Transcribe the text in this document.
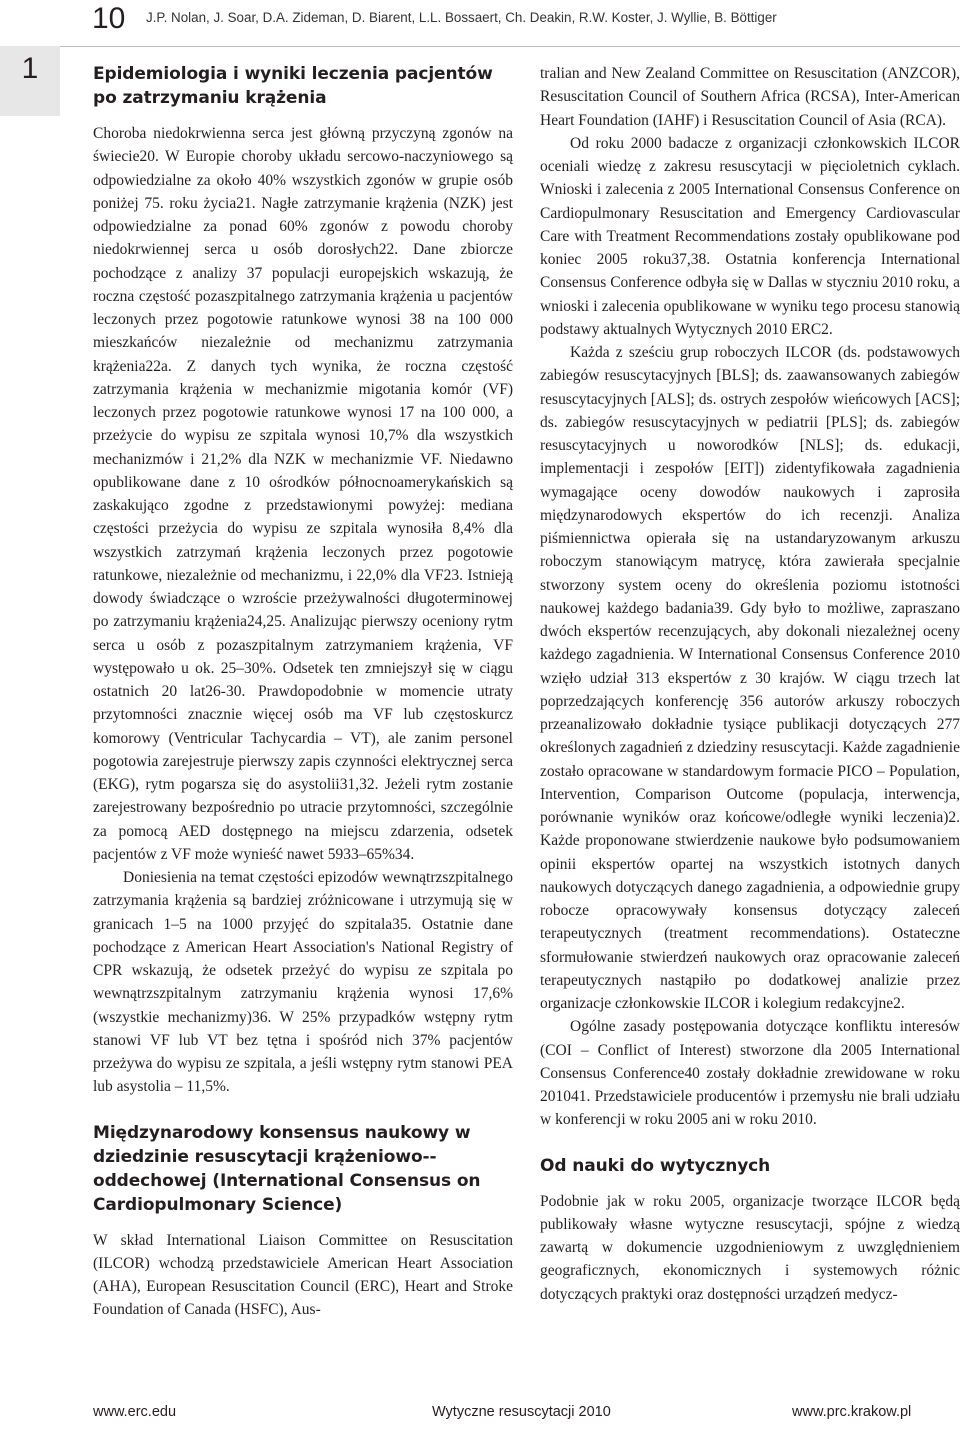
10 J.P. Nolan, J. Soar, D.A. Zideman, D. Biarent, L.L. Bossaert, Ch. Deakin, R.W. Koster, J. Wyllie, B. Böttiger
1	Epidemiologia i wyniki leczenia pacjentów po zatrzymaniu krążenia

Choroba niedokrwienna serca jest główną przyczyną zgonów na świecie20. W Europie choroby układu sercowo-naczyniowego są odpowiedzialne za około 40% wszystkich zgonów w grupie osób poniżej 75. roku życia21. Nagłe zatrzymanie krążenia (NZK) jest odpowiedzialne za ponad 60% zgonów z powodu choroby niedokrwiennej serca u osób dorosłych22. Dane zbiorcze pochodzące z analizy 37 populacji europejskich wskazują, że roczna częstość pozaszpitalnego zatrzymania krążenia u pacjentów leczonych przez pogotowie ratunkowe wynosi 38 na 100 000 mieszkańców niezależnie od mechanizmu zatrzymania krążenia22a. Z danych tych wynika, że roczna częstość zatrzymania krążenia w mechanizmie migotania komór (VF) leczonych przez pogotowie ratunkowe wynosi 17 na 100 000, a przeżycie do wypisu ze szpitala wynosi 10,7% dla wszystkich mechanizmów i 21,2% dla NZK w mechanizmie VF. Niedawno opublikowane dane z 10 ośrodków północnoamerykańskich są zaskakująco zgodne z przedstawionymi powyżej: mediana częstości przeżycia do wypisu ze szpitala wynosiła 8,4% dla wszystkich zatrzymań krążenia leczonych przez pogotowie ratunkowe, niezależnie od mechanizmu, i 22,0% dla VF23. Istnieją dowody świadczące o wzroście przeżywalności długoterminowej po zatrzymaniu krążenia24,25. Analizując pierwszy oceniony rytm serca u osób z pozaszpitalnym zatrzymaniem krążenia, VF występowało u ok. 25–30%. Odsetek ten zmniejszył się w ciągu ostatnich 20 lat26-30. Prawdopodobnie w momencie utraty przytomności znacznie więcej osób ma VF lub częstoskurcz komorowy (Ventricular Tachycardia – VT), ale zanim personel pogotowia zarejestruje pierwszy zapis czynności elektrycznej serca (EKG), rytm pogarsza się do asystolii31,32. Jeżeli rytm zostanie zarejestrowany bezpośrednio po utracie przytomności, szczególnie za pomocą AED dostępnego na miejscu zdarzenia, odsetek pacjentów z VF może wynieść nawet 5933–65%34.

Doniesienia na temat częstości epizodów wewnątrzszpitalnego zatrzymania krążenia są bardziej zróżnicowane i utrzymują się w granicach 1–5 na 1000 przyjęć do szpitala35. Ostatnie dane pochodzące z American Heart Association's National Registry of CPR wskazują, że odsetek przeżyć do wypisu ze szpitala po wewnątrzszpitalnym zatrzymaniu krążenia wynosi 17,6% (wszystkie mechanizmy)36. W 25% przypadków wstępny rytm stanowi VF lub VT bez tętna i spośród nich 37% pacjentów przeżywa do wypisu ze szpitala, a jeśli wstępny rytm stanowi PEA lub asystolia – 11,5%.

Międzynarodowy konsensus naukowy w dziedzinie resuscytacji krążeniowo--oddechowej (International Consensus on Cardiopulmonary Science)

W skład International Liaison Committee on Resuscitation (ILCOR) wchodzą przedstawiciele American Heart Association (AHA), European Resuscitation Council (ERC), Heart and Stroke Foundation of Canada (HSFC), Aus-

tralian and New Zealand Committee on Resuscitation (ANZCOR), Resuscitation Council of Southern Africa (RCSA), Inter-American Heart Foundation (IAHF) i Resuscitation Council of Asia (RCA).

Od roku 2000 badacze z organizacji członkowskich ILCOR oceniali wiedzę z zakresu resuscytacji w pięcioletnich cyklach. Wnioski i zalecenia z 2005 International Consensus Conference on Cardiopulmonary Resuscitation and Emergency Cardiovascular Care with Treatment Recommendations zostały opublikowane pod koniec 2005 roku37,38. Ostatnia konferencja International Consensus Conference odbyła się w Dallas w styczniu 2010 roku, a wnioski i zalecenia opublikowane w wyniku tego procesu stanowią podstawy aktualnych Wytycznych 2010 ERC2.

Każda z sześciu grup roboczych ILCOR (ds. podstawowych zabiegów resuscytacyjnych [BLS]; ds. zaawansowanych zabiegów resuscytacyjnych [ALS]; ds. ostrych zespołów wieńcowych [ACS]; ds. zabiegów resuscytacyjnych w pediatrii [PLS]; ds. zabiegów resuscytacyjnych u noworodków [NLS]; ds. edukacji, implementacji i zespołów [EIT]) zidentyfikowała zagadnienia wymagające oceny dowodów naukowych i zaprosiła międzynarodowych ekspertów do ich recenzji. Analiza piśmiennictwa opierała się na ustandaryzowanym arkuszu roboczym stanowiącym matrycę, która zawierała specjalnie stworzony system oceny do określenia poziomu istotności naukowej każdego badania39. Gdy było to możliwe, zapraszano dwóch ekspertów recenzujących, aby dokonali niezależnej oceny każdego zagadnienia. W International Consensus Conference 2010 wzięło udział 313 ekspertów z 30 krajów. W ciągu trzech lat poprzedzających konferencję 356 autorów arkuszy roboczych przeanalizowało dokładnie tysiące publikacji dotyczących 277 określonych zagadnień z dziedziny resuscytacji. Każde zagadnienie zostało opracowane w standardowym formacie PICO – Population, Intervention, Comparison Outcome (populacja, interwencja, porównanie wyników oraz końcowe/odległe wyniki leczenia)2. Każde proponowane stwierdzenie naukowe było podsumowaniem opinii ekspertów opartej na wszystkich istotnych danych naukowych dotyczących danego zagadnienia, a odpowiednie grupy robocze opracowywały konsensus dotyczący zaleceń terapeutycznych (treatment recommendations). Ostateczne sformułowanie stwierdzeń naukowych oraz opracowanie zaleceń terapeutycznych nastąpiło po dodatkowej analizie przez organizacje członkowskie ILCOR i kolegium redakcyjne2.

Ogólne zasady postępowania dotyczące konfliktu interesów (COI – Conflict of Interest) stworzone dla 2005 International Consensus Conference40 zostały dokładnie zrewidowane w roku 201041. Przedstawiciele producentów i przemysłu nie brali udziału w konferencji w roku 2005 ani w roku 2010.

Od nauki do wytycznych

Podobnie jak w roku 2005, organizacje tworzące ILCOR będą publikowały własne wytyczne resuscytacji, spójne z wiedzą zawartą w dokumencie uzgodnieniowym z uwzględnieniem geograficznych, ekonomicznych i systemowych różnic dotyczących praktyki oraz dostępności urządzeń medycz-

www.erc.edu	Wytyczne resuscytacji 2010	www.prc.krakow.pl
